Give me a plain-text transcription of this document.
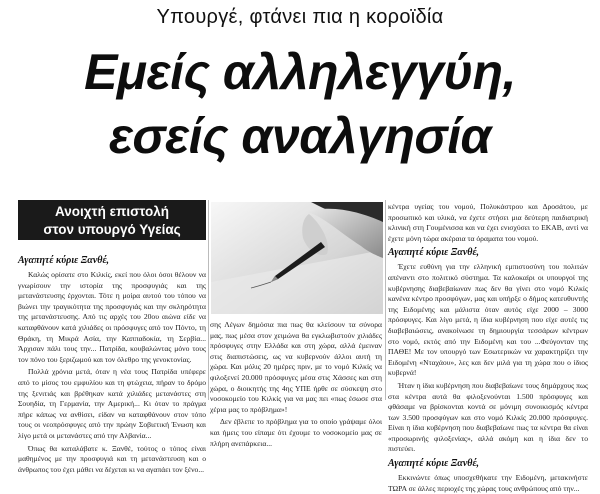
Υπουργέ, φτάνει πια η κοροϊδία
Εμείς αλληλεγγύη,
εσείς αναλγησία
Ανοιχτή επιστολή
στον υπουργό Υγείας

Αγαπητέ κύριε Ξανθέ,

Καλώς ορίσατε στο Κιλκίς, εκεί που όλοι όσοι θέλουν να γνωρίσουν την ιστορία της προσφυγιάς και της μετανάστευσης έρχονται. Τότε η μοίρα αυτού του τόπου να βιώνει την τραγικότητα της προσφυγιάς και την σκληρότητα της μετανάστευσης. Από τις αρχές του 20ου αιώνα είδε να καταφθάνουν κατά χιλιάδες οι πρόσφυγες από τον Πόντο, τη Θράκη, τη Μικρά Ασία, την Καππαδοκία, τη Σερβία... Άρχισαν πάλι τους την... Πατρίδα, κουβαλώντας μόνο τους τον πόνο του ξεριζωμού και τον όλεθρο της γενοκτονίας.

Πολλά χρόνια μετά, όταν η νέα τους Πατρίδα υπέφερε από το μίσος του εμφυλίου και τη φτώχεια, πήραν το δρόμο της ξενιτιάς και βρέθηκαν κατά χιλιάδες μετανάστες στη Σουηδία, τη Γερμανία, την Αμερική... Κι όταν το πράγμα πήρε κάπως να ανθίσει, είδαν να καταφθάνουν στον τόπο τους οι νεοπρόσφυγες από την πρώην Σοβιετική Ένωση και λίγο μετά οι μετανάστες από την Αλβανία...

Όπως θα καταλάβατε κ. Ξανθέ, τούτος ο τόπος είναι μαθημένος με την προσφυγιά και τη μετανάστευση και ο άνθρωπος του έχει μάθει να δέχεται κι να αγαπάει τον ξένο...

σης Λέγων δημόσια πια πως θα κλείσουν τα σύνορα μας, πως μέσα στον χειμώνα θα εγκλωβιστούν χιλιάδες πρόσφυγες στην Ελλάδα και στη χώρα, αλλά έμειναν στις διαπιστώσεις, ως να κυβερνούν άλλοι αυτή τη χώρα. Και μόλις 20 ημέρες πριν, με το νομό Κιλκίς να φιλοξενεί 20.000 πρόσφυγες μέσα στις Χάσσες και στη χώρα, ο διοικητής της 4ης ΥΠΕ ήρθε σε σύσκεψη στο νοσοκομείο του Κιλκίς για να μας πει «πως έσωσε στα χέρια μας το πρόβλημα»!

Δεν έβλεπε το πρόβλημα για το οποίο γράψαμε όλοι και ήμεις του είπαμε ότι έχουμε το νοσοκομείο μας σε πλήρη ανεπάρκεια...

κέντρα υγείας του νομού, Πολυκάστρου και Δροσάτου, με προσωπικό και υλικά, να έχετε στήσει μια δεύτερη παιδιατρική κλινική στη Γουμένισσα και να έχει ενισχύσει το ΕΚΑΒ, αντί να έχετε μόνη τώρα ακέραια τα όραματα του νομού.

Αγαπητέ κύριε Ξανθέ,

Έχετε ευθύνη για την ελληνική εμπιστοσύνη του πολιτών απέναντι στο πολιτικό σύστημα. Τα καλοκαίρι οι υπουργοί της κυβέρνησης διαβεβαίωναν πως δεν θα γίνει στο νομό Κιλκίς κανένα κέντρο προσφύγων, μας και υπήρξε ο δήμος κατευθυντής της Ειδομένης και μάλιστα όταν αυτός είχε 2000 – 3000 πρόσφυγες. Και λίγο μετά, η ίδια κυβέρνηση που είχε αυτές τις διαβεβαιώσεις, ανακοίνωσε τη δημιουργία τεσσάρων κέντρων στο νομό, εκτός από την Ειδομένη και του ...Φεύγονταν της ΠΑΘΕ! Με τον υπουργό των Εσωτερικών να χαρακτηρίζει την Ειδομένη «Νταχάου», λες και δεν μιλά για τη χώρα που ο ίδιος κυβερνά!

Ήταν η ίδια κυβέρνηση που διαβεβαίωνε τους δημάρχους πως στα κέντρα αυτά θα φιλοξενούνται 1.500 πρόσφυγες και φθάσαμε να βρίσκονται κοντά σε μόνιμη συνοικισμός κέντρα των 3.500 προσφύγων και στο νομό Κιλκίς 20.000 πρόσφυγες. Είναι η ίδια κυβέρνηση που διαβεβαίωνε πως τα κέντρα θα είναι «προσωρινής φιλοξενίας», αλλά ακόμη και η ίδια δεν το πιστεύει.

Αγαπητέ κύριε Ξανθέ,

Εκκινώντε όπως υποσχεθήκατε την Ειδομένη, μετακινήστε ΤΩΡΑ σε άλλες περιοχές της χώρας τους ανθρώπους από την...
